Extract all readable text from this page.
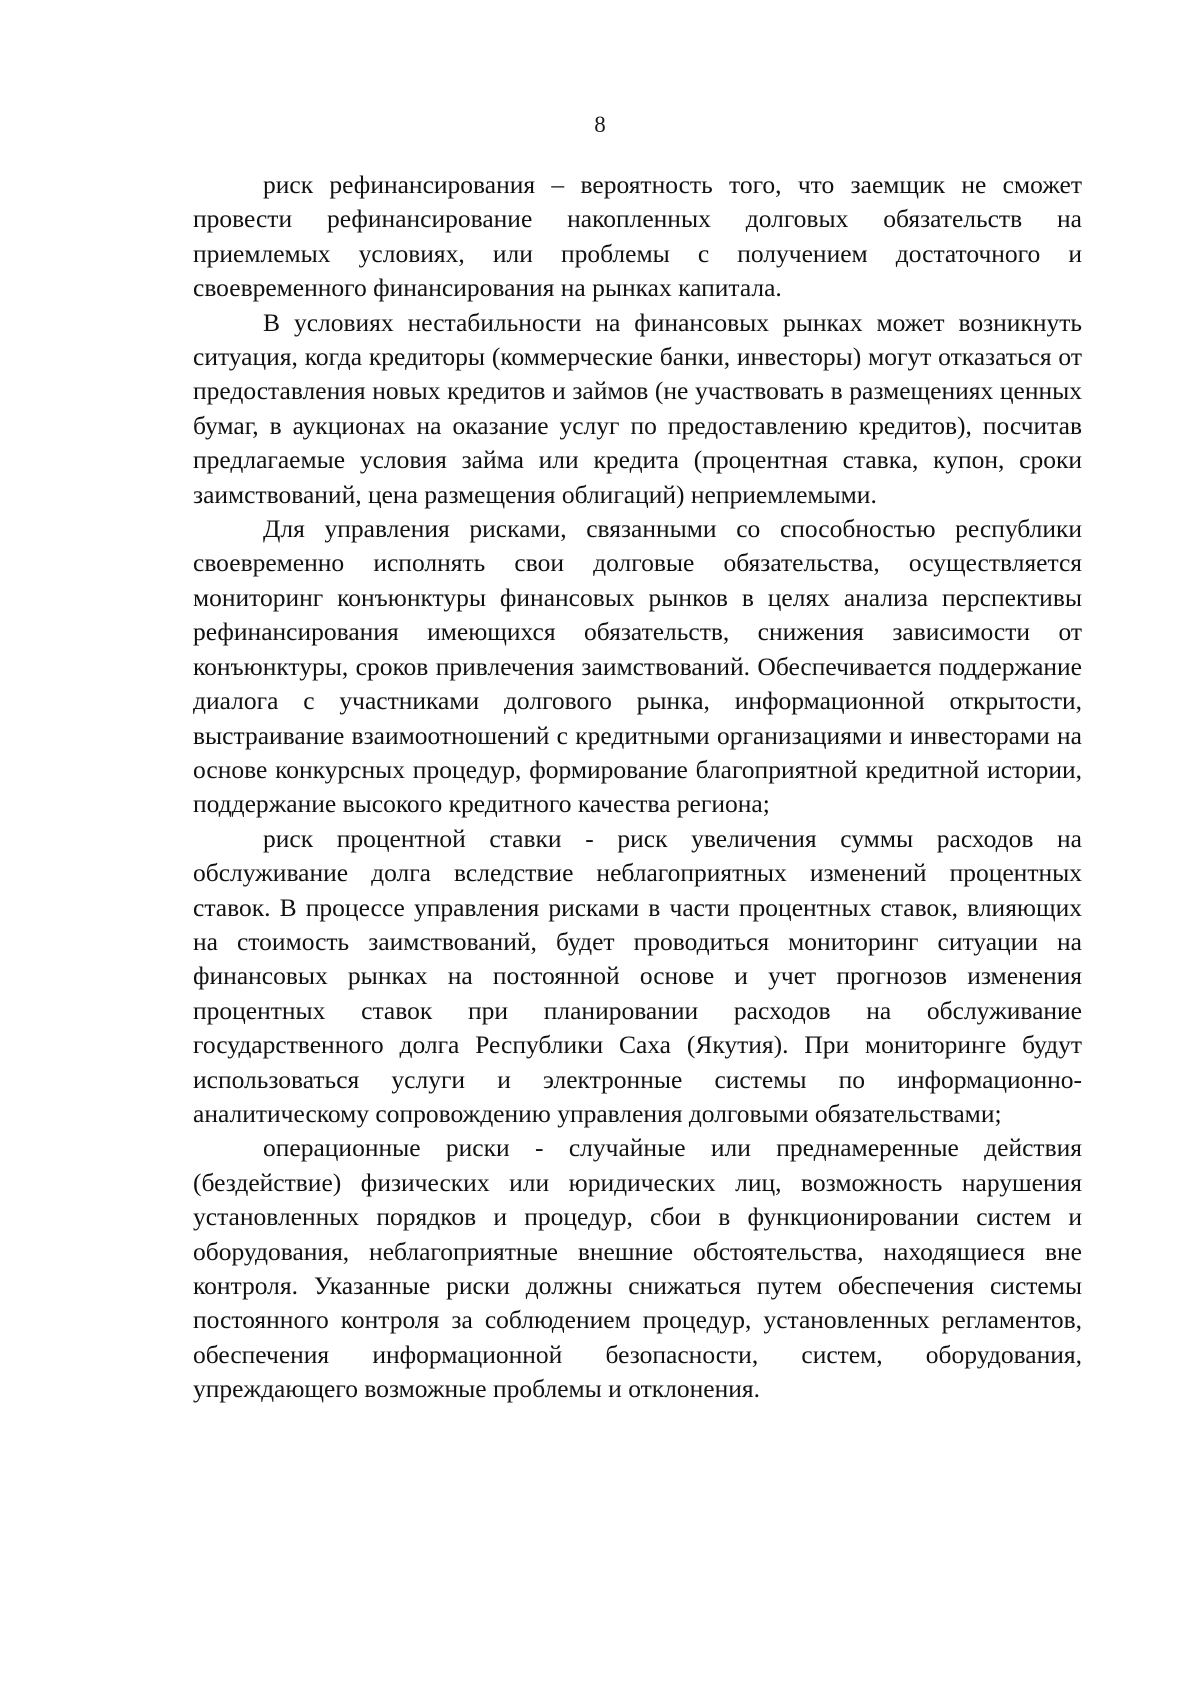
8

риск рефинансирования – вероятность того, что заемщик не сможет провести рефинансирование накопленных долговых обязательств на приемлемых условиях, или проблемы с получением достаточного и своевременного финансирования на рынках капитала.

В условиях нестабильности на финансовых рынках может возникнуть ситуация, когда кредиторы (коммерческие банки, инвесторы) могут отказаться от предоставления новых кредитов и займов (не участвовать в размещениях ценных бумаг, в аукционах на оказание услуг по предоставлению кредитов), посчитав предлагаемые условия займа или кредита (процентная ставка, купон, сроки заимствований, цена размещения облигаций) неприемлемыми.

Для управления рисками, связанными со способностью республики своевременно исполнять свои долговые обязательства, осуществляется мониторинг конъюнктуры финансовых рынков в целях анализа перспективы рефинансирования имеющихся обязательств, снижения зависимости от конъюнктуры, сроков привлечения заимствований. Обеспечивается поддержание диалога с участниками долгового рынка, информационной открытости, выстраивание взаимоотношений с кредитными организациями и инвесторами на основе конкурсных процедур, формирование благоприятной кредитной истории, поддержание высокого кредитного качества региона;

риск процентной ставки - риск увеличения суммы расходов на обслуживание долга вследствие неблагоприятных изменений процентных ставок. В процессе управления рисками в части процентных ставок, влияющих на стоимость заимствований, будет проводиться мониторинг ситуации на финансовых рынках на постоянной основе и учет прогнозов изменения процентных ставок при планировании расходов на обслуживание государственного долга Республики Саха (Якутия). При мониторинге будут использоваться услуги и электронные системы по информационно-аналитическому сопровождению управления долговыми обязательствами;

операционные риски - случайные или преднамеренные действия (бездействие) физических или юридических лиц, возможность нарушения установленных порядков и процедур, сбои в функционировании систем и оборудования, неблагоприятные внешние обстоятельства, находящиеся вне контроля. Указанные риски должны снижаться путем обеспечения системы постоянного контроля за соблюдением процедур, установленных регламентов, обеспечения информационной безопасности, систем, оборудования, упреждающего возможные проблемы и отклонения.
